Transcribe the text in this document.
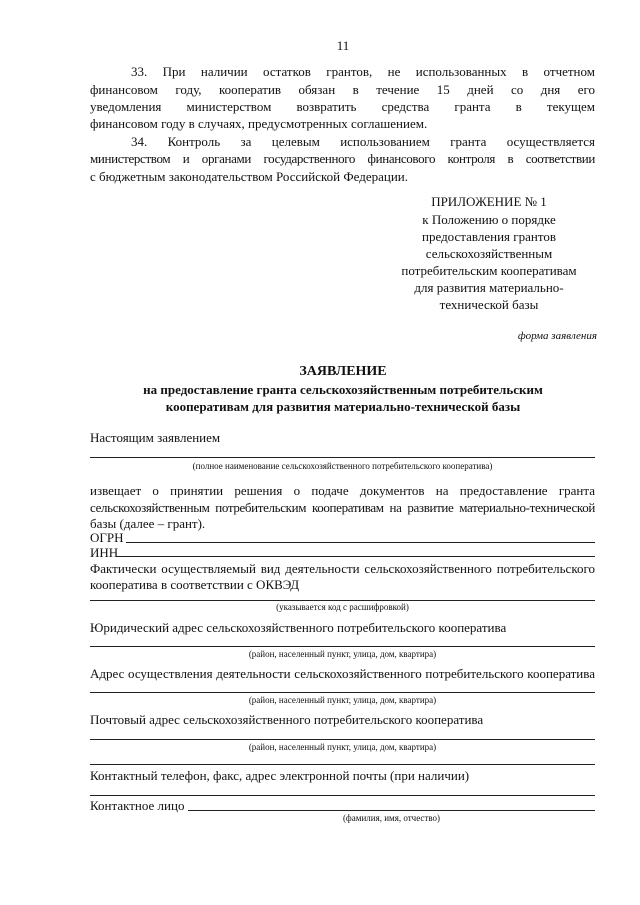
11
33. При наличии остатков грантов, не использованных в отчетном
финансовом году, кооператив обязан в течение 15 дней со дня его
уведомления министерством возвратить средства гранта в текущем
финансовом году в случаях, предусмотренных соглашением.
34. Контроль за целевым использованием гранта осуществляется
министерством и органами государственного финансового контроля в соответствии
с бюджетным законодательством Российской Федерации.
ПРИЛОЖЕНИЕ № 1
к Положению о порядке
предоставления грантов
сельскохозяйственным
потребительским кооперативам
для развития материально-
технической базы
форма заявления
ЗАЯВЛЕНИЕ
на предоставление гранта сельскохозяйственным потребительским
кооперативам для развития материально-технической базы
Настоящим заявлением
(полное наименование сельскохозяйственного потребительского кооператива)
извещает о принятии решения о подаче документов на предоставление гранта
сельскохозяйственным потребительским кооперативам на развитие материально-технической
базы (далее – грант).
ОГРН
ИНН
Фактически осуществляемый вид деятельности сельскохозяйственного потребительского
кооператива в соответствии с ОКВЭД
(указывается код с расшифровкой)
Юридический адрес сельскохозяйственного потребительского кооператива
(район, населенный пункт, улица, дом, квартира)
Адрес осуществления деятельности сельскохозяйственного потребительского кооператива
(район, населенный пункт, улица, дом, квартира)
Почтовый адрес сельскохозяйственного потребительского кооператива
(район, населенный пункт, улица, дом, квартира)
Контактный телефон, факс, адрес электронной почты (при наличии)
Контактное лицо
(фамилия, имя, отчество)
